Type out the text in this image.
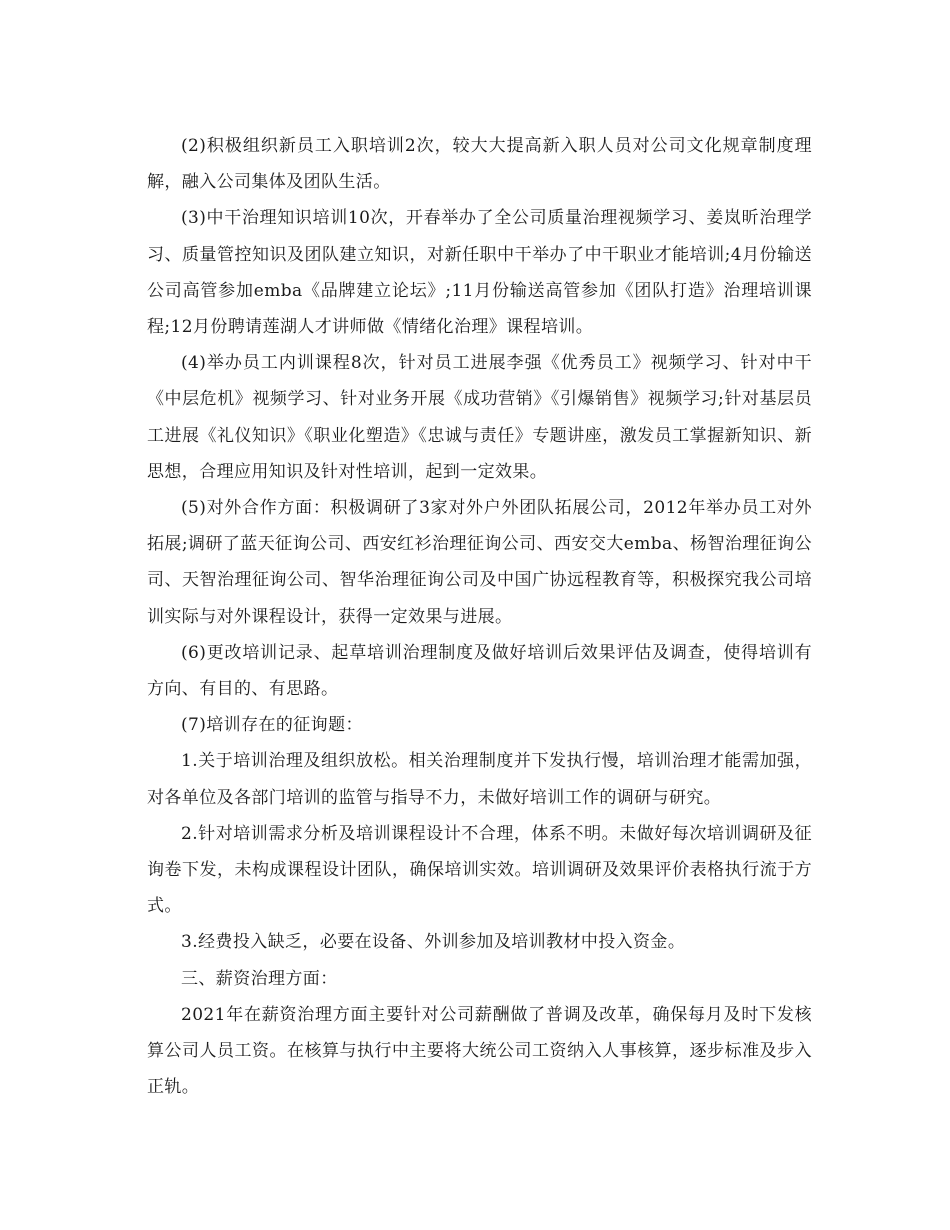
(2)积极组织新员工入职培训2次，较大大提高新入职人员对公司文化规章制度理解，融入公司集体及团队生活。

(3)中干治理知识培训10次，开春举办了全公司质量治理视频学习、姜岚昕治理学习、质量管控知识及团队建立知识，对新任职中干举办了中干职业才能培训;4月份输送公司高管参加emba《品牌建立论坛》;11月份输送高管参加《团队打造》治理培训课程;12月份聘请莲湖人才讲师做《情绪化治理》课程培训。

(4)举办员工内训课程8次，针对员工进展李强《优秀员工》视频学习、针对中干《中层危机》视频学习、针对业务开展《成功营销》《引爆销售》视频学习;针对基层员工进展《礼仪知识》《职业化塑造》《忠诚与责任》专题讲座，激发员工掌握新知识、新思想，合理应用知识及针对性培训，起到一定效果。

(5)对外合作方面：积极调研了3家对外户外团队拓展公司，2012年举办员工对外拓展;调研了蓝天征询公司、西安红衫治理征询公司、西安交大emba、杨智治理征询公司、天智治理征询公司、智华治理征询公司及中国广协远程教育等，积极探究我公司培训实际与对外课程设计，获得一定效果与进展。

(6)更改培训记录、起草培训治理制度及做好培训后效果评估及调查，使得培训有方向、有目的、有思路。

(7)培训存在的征询题：

1.关于培训治理及组织放松。相关治理制度并下发执行慢，培训治理才能需加强，对各单位及各部门培训的监管与指导不力，未做好培训工作的调研与研究。

2.针对培训需求分析及培训课程设计不合理，体系不明。未做好每次培训调研及征询卷下发，未构成课程设计团队，确保培训实效。培训调研及效果评价表格执行流于方式。

3.经费投入缺乏，必要在设备、外训参加及培训教材中投入资金。

三、薪资治理方面：

2021年在薪资治理方面主要针对公司薪酬做了普调及改革，确保每月及时下发核算公司人员工资。在核算与执行中主要将大统公司工资纳入人事核算，逐步标准及步入正轨。
